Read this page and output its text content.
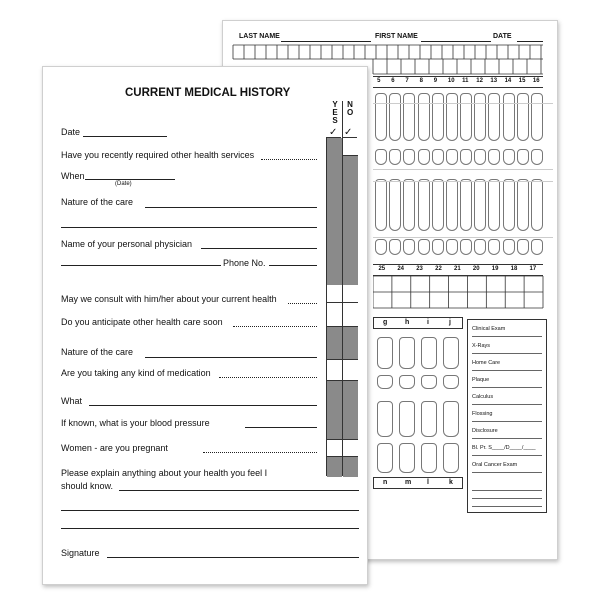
LAST NAME	FIRST NAME	DATE
5 6 7 8 9 10 11 12 13 14 15 16
25 24 23 22 21 20 19 18 17
g	h	i	j
n	m l	k
Clinical Exam
X-Rays
Home Care
Plaque
Calculus
Flossing
Disclosure
Bl. Pr. S____/D____/____
Oral Cancer Exam
CURRENT MEDICAL HISTORY
YES
NO
✓ ✓
Date
Have you recently required other health services
When
(Date)
Nature of the care
Name of your personal physician
Phone No.
May we consult with him/her about your current health
Do you anticipate other health care soon
Nature of the care
Are you taking any kind of medication
What
If known, what is your blood pressure
Women - are you pregnant
Please explain anything about your health you feel I
should know.
Signature
